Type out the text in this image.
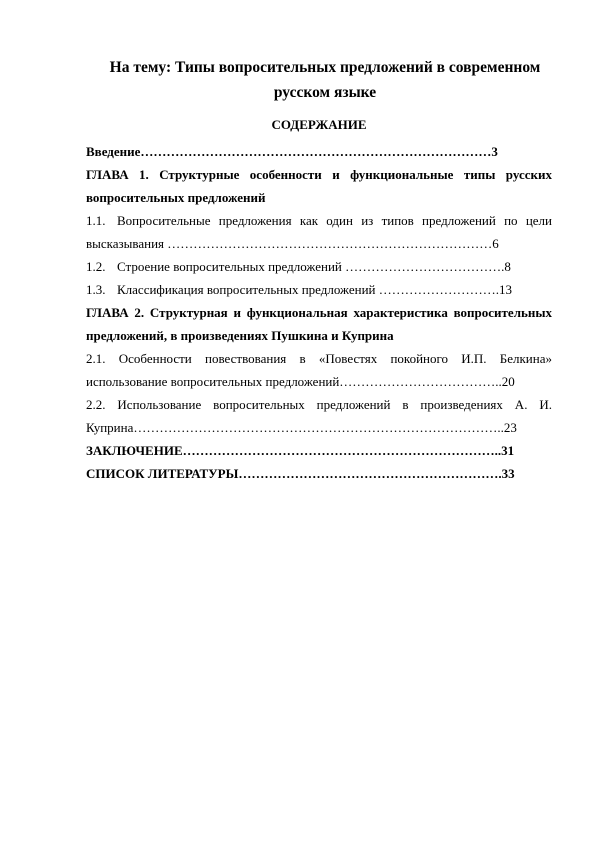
На тему: Типы вопросительных предложений в современном русском языке
СОДЕРЖАНИЕ

Введение………………………………………………………………………3

ГЛАВА 1. Структурные особенности и функциональные типы русских вопросительных предложений

1.1. Вопросительные предложения как один из типов предложений по цели высказывания …………………………………………………………………6

1.2. Строение вопросительных предложений ……………………………….8

1.3. Классификация вопросительных предложений ……………………….13

ГЛАВА 2. Структурная и функциональная характеристика вопросительных предложений, в произведениях Пушкина и Куприна

2.1. Особенности повествования в «Повестях покойного И.П. Белкина» использование вопросительных предложений………………………………..20

2.2. Использование вопросительных предложений в произведениях А. И. Куприна…………………………………………………………………………..23

ЗАКЛЮЧЕНИЕ………………………………………………………………..31

СПИСОК ЛИТЕРАТУРЫ…………………………………………………….33
